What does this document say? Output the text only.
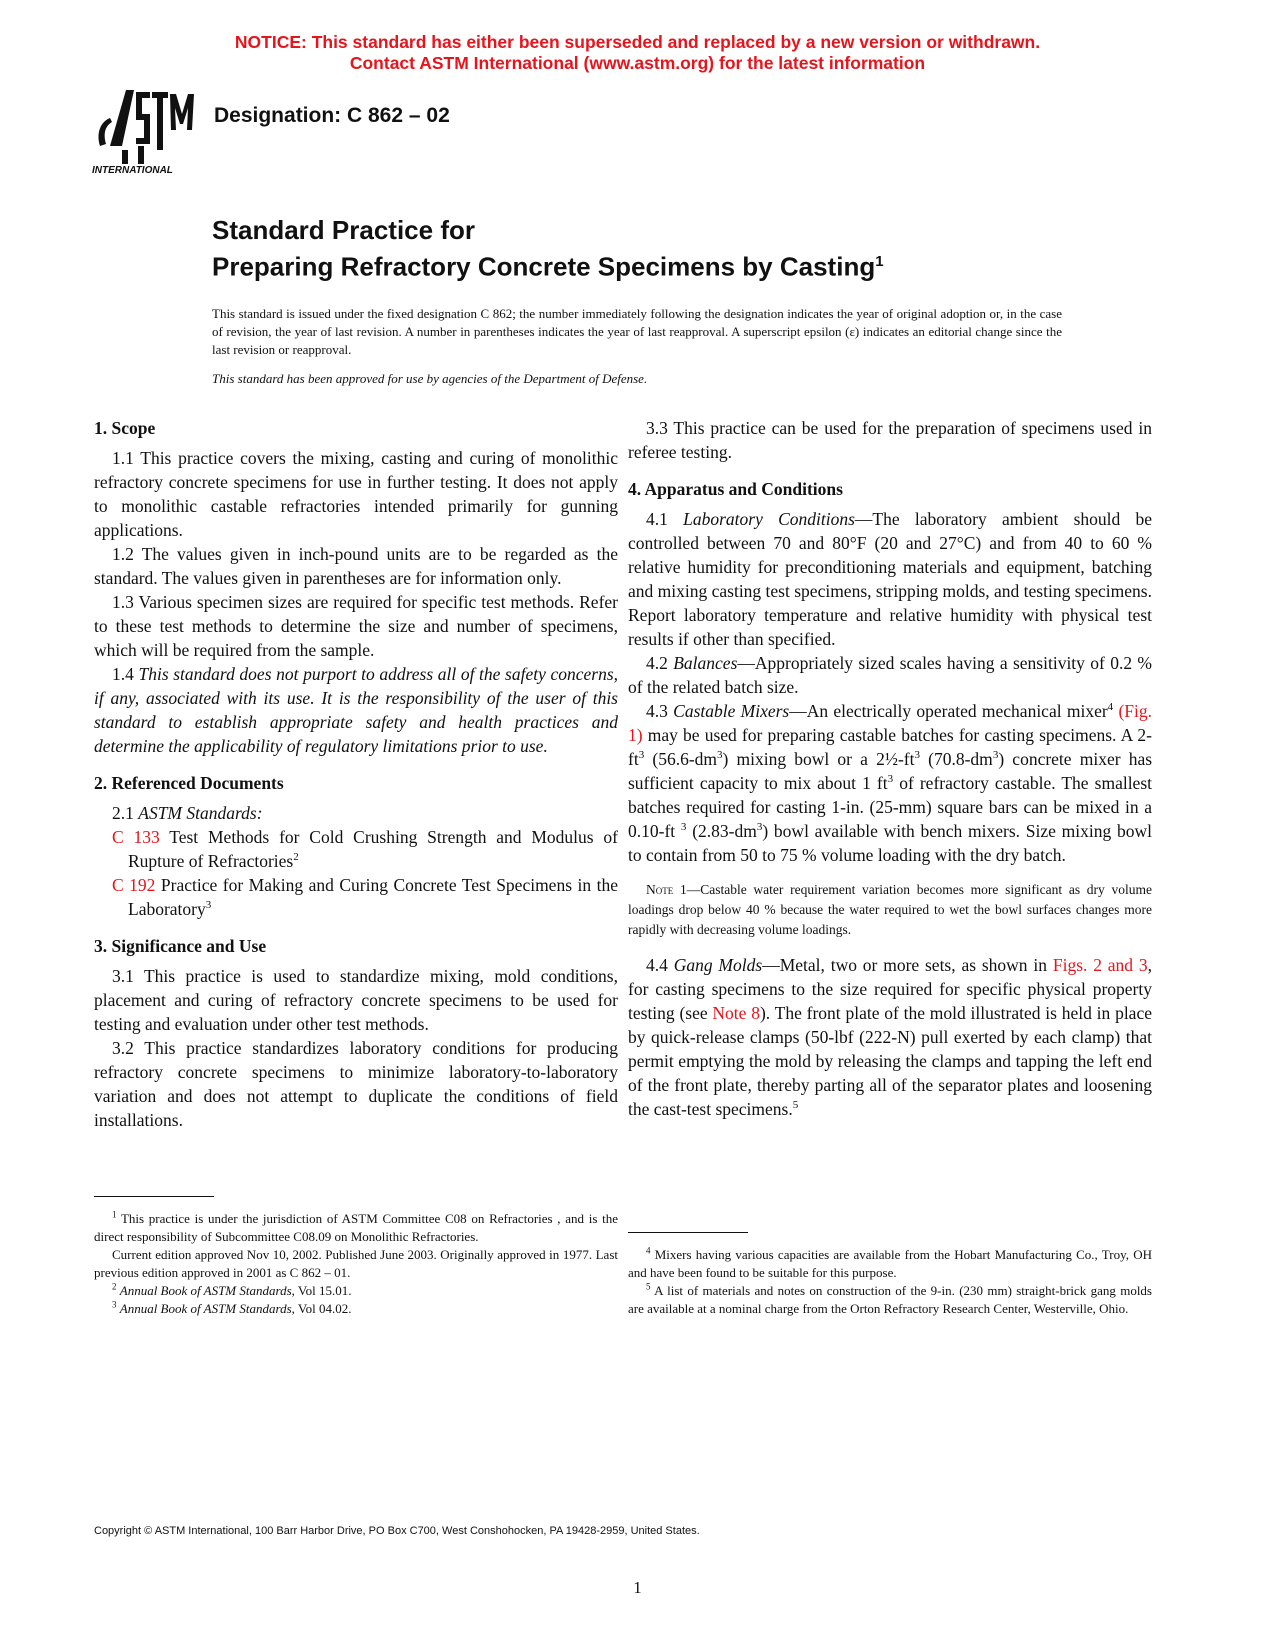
NOTICE: This standard has either been superseded and replaced by a new version or withdrawn.
Contact ASTM International (www.astm.org) for the latest information
INTERNATIONAL
Designation: C 862 – 02
Standard Practice for
Preparing Refractory Concrete Specimens by Casting$^1$
This standard is issued under the fixed designation C 862; the number immediately following the designation indicates the year of original adoption or, in the case of revision, the year of last revision. A number in parentheses indicates the year of last reapproval. A superscript epsilon (ε) indicates an editorial change since the last revision or reapproval.
This standard has been approved for use by agencies of the Department of Defense.
1. Scope

1.1 This practice covers the mixing, casting and curing of monolithic refractory concrete specimens for use in further testing. It does not apply to monolithic castable refractories intended primarily for gunning applications.

1.2 The values given in inch-pound units are to be regarded as the standard. The values given in parentheses are for information only.

1.3 Various specimen sizes are required for specific test methods. Refer to these test methods to determine the size and number of specimens, which will be required from the sample.

1.4 This standard does not purport to address all of the safety concerns, if any, associated with its use. It is the responsibility of the user of this standard to establish appropriate safety and health practices and determine the applicability of regulatory limitations prior to use.

2. Referenced Documents

2.1 ASTM Standards:

C 133 Test Methods for Cold Crushing Strength and Modulus of Rupture of Refractories$^2$

C 192 Practice for Making and Curing Concrete Test Specimens in the Laboratory$^3$

3. Significance and Use

3.1 This practice is used to standardize mixing, mold conditions, placement and curing of refractory concrete specimens to be used for testing and evaluation under other test methods.

3.2 This practice standardizes laboratory conditions for producing refractory concrete specimens to minimize laboratory-to-laboratory variation and does not attempt to duplicate the conditions of field installations.

$^1$ This practice is under the jurisdiction of ASTM Committee C08 on Refractories , and is the direct responsibility of Subcommittee C08.09 on Monolithic Refractories.

Current edition approved Nov 10, 2002. Published June 2003. Originally approved in 1977. Last previous edition approved in 2001 as C 862 – 01.

$^2$ Annual Book of ASTM Standards, Vol 15.01.

$^3$ Annual Book of ASTM Standards, Vol 04.02.

3.3 This practice can be used for the preparation of specimens used in referee testing.

4. Apparatus and Conditions

4.1 Laboratory Conditions—The laboratory ambient should be controlled between 70 and 80°F (20 and 27°C) and from 40 to 60 % relative humidity for preconditioning materials and equipment, batching and mixing casting test specimens, stripping molds, and testing specimens. Report laboratory temperature and relative humidity with physical test results if other than specified.

4.2 Balances—Appropriately sized scales having a sensitivity of 0.2 % of the related batch size.

4.3 Castable Mixers—An electrically operated mechanical mixer$^4$ (Fig. 1) may be used for preparing castable batches for casting specimens. A $2-ft^3$ $(56.6-dm^3)$ mixing bowl or a $2\frac{1}{2}-ft^3$ $(70.8-dm^3)$ concrete mixer has sufficient capacity to mix about 1 $ft^3$ of refractory castable. The smallest batches required for casting 1-in. (25-mm) square bars can be mixed in a 0.10-ft $^3$ $(2.83-dm^3)$ bowl available with bench mixers. Size mixing bowl to contain from 50 to 75 % volume loading with the dry batch.

Note 1—Castable water requirement variation becomes more significant as dry volume loadings drop below 40 % because the water required to wet the bowl surfaces changes more rapidly with decreasing volume loadings.

4.4 Gang Molds—Metal, two or more sets, as shown in Figs. 2 and 3, for casting specimens to the size required for specific physical property testing (see Note 8). The front plate of the mold illustrated is held in place by quick-release clamps (50-lbf (222-N) pull exerted by each clamp) that permit emptying the mold by releasing the clamps and tapping the left end of the front plate, thereby parting all of the separator plates and loosening the cast-test specimens.$^5$

$^4$ Mixers having various capacities are available from the Hobart Manufacturing Co., Troy, OH and have been found to be suitable for this purpose.

$^5$ A list of materials and notes on construction of the 9-in. (230 mm) straight-brick gang molds are available at a nominal charge from the Orton Refractory Research Center, Westerville, Ohio.

Copyright © ASTM International, 100 Barr Harbor Drive, PO Box C700, West Conshohocken, PA 19428-2959, United States.
1
